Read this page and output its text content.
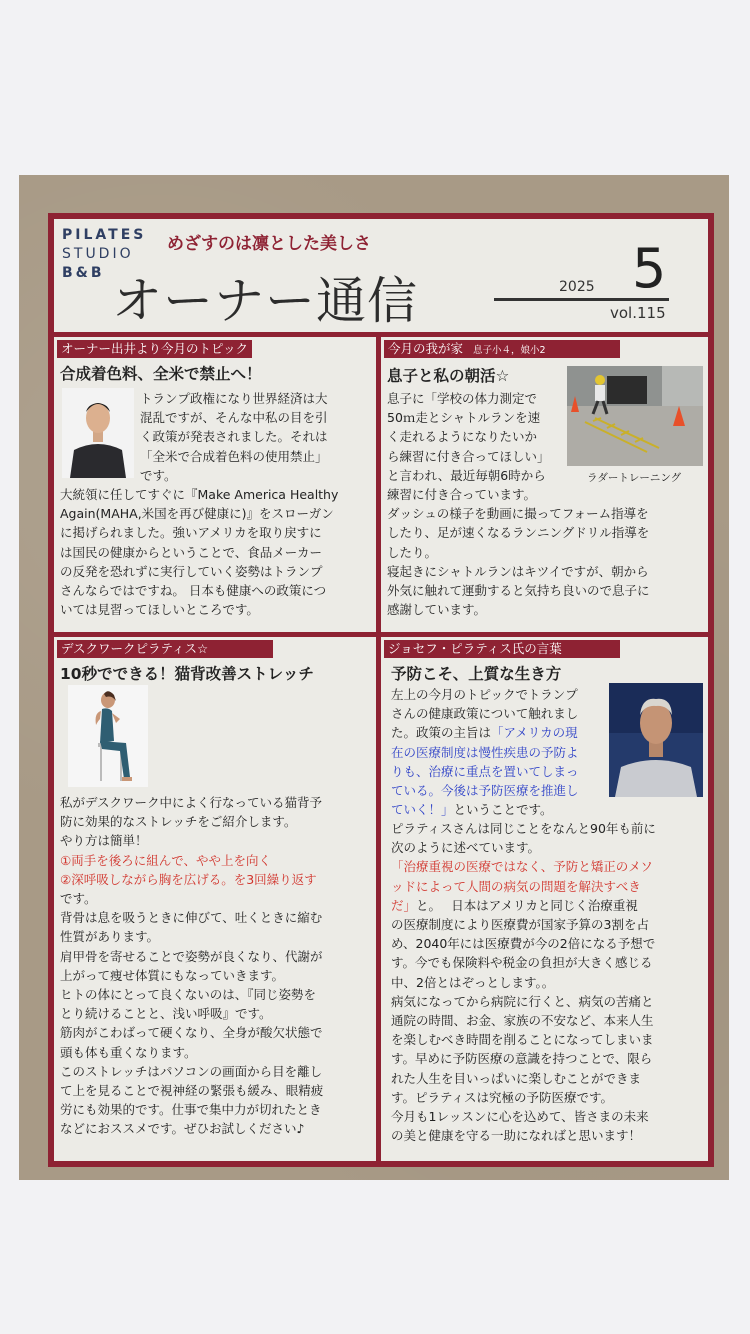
PILATES
STUDIO
B&B
めざすのは凛とした美しさ
オーナー通信	2025 5
vol.115
オーナー出井より今月のトピック
合成着色料、全米で禁止へ！
トランプ政権になり世界経済は大
混乱ですが、そんな中私の目を引
く政策が発表されました。それは
「全米で合成着色料の使用禁止」
です。
大統領に任してすぐに『Make America Healthy
Again(MAHA,米国を再び健康に)』をスローガン
に掲げられました。強いアメリカを取り戻すに
は国民の健康からということで、食品メーカー
の反発を恐れずに実行していく姿勢はトランプ
さんならではですね。 日本も健康への政策につ
いては見習ってほしいところです。
今月の我が家 息子小４，娘小2
息子と私の朝活☆
息子に「学校の体力測定で
50ｍ走とシャトルランを速
く走れるようになりたいか
ら練習に付き合ってほしい」
と言われ、最近毎朝6時から	ラダートレーニング
練習に付き合っています。
ダッシュの様子を動画に撮ってフォーム指導を
したり、足が速くなるランニングドリル指導を
したり。
寝起きにシャトルランはキツイですが、朝から
外気に触れて運動すると気持ち良いので息子に
感謝しています。
デスクワークピラティス☆
10秒でできる！猫背改善ストレッチ
私がデスクワーク中によく行なっている猫背予
防に効果的なストレッチをご紹介します。
やり方は簡単！
①両手を後ろに組んで、やや上を向く
②深呼吸しながら胸を広げる。を3回繰り返す
です。
背骨は息を吸うときに伸びて、吐くときに縮む
性質があります。
肩甲骨を寄せることで姿勢が良くなり、代謝が
上がって痩せ体質にもなっていきます。
ヒトの体にとって良くないのは、『同じ姿勢を
とり続けることと、浅い呼吸』です。
筋肉がこわばって硬くなり、全身が酸欠状態で
頭も体も重くなります。
このストレッチはパソコンの画面から目を離し
て上を見ることで視神経の緊張も緩み、眼精疲
労にも効果的です。仕事で集中力が切れたとき
などにおススメです。ぜひお試しください♪
ジョセフ・ピラティス氏の言葉
予防こそ、上質な生き方
左上の今月のトピックでトランプ
さんの健康政策について触れまし
た。政策の主旨は「アメリカの現
在の医療制度は慢性疾患の予防よ
りも、治療に重点を置いてしまっ
ている。今後は予防医療を推進し
ていく！」ということです。
ピラティスさんは同じことをなんと90年も前に
次のように述べています。
「治療重視の医療ではなく、予防と矯正のメソ
ッドによって人間の病気の問題を解決すべき
だ」と。　 日本はアメリカと同じく治療重視
の医療制度により医療費が国家予算の3割を占
め、2040年には医療費が今の2倍になる予想で
す。今でも保険料や税金の負担が大きく感じる
中、2倍とはぞっとします。。
病気になってから病院に行くと、病気の苦痛と
通院の時間、お金、家族の不安など、本来人生
を楽しむべき時間を削ることになってしまいま
す。早めに予防医療の意識を持つことで、限ら
れた人生を目いっぱいに楽しむことができま
す。ピラティスは究極の予防医療です。
今月も1レッスンに心を込めて、皆さまの未来
の美と健康を守る一助になればと思います！
